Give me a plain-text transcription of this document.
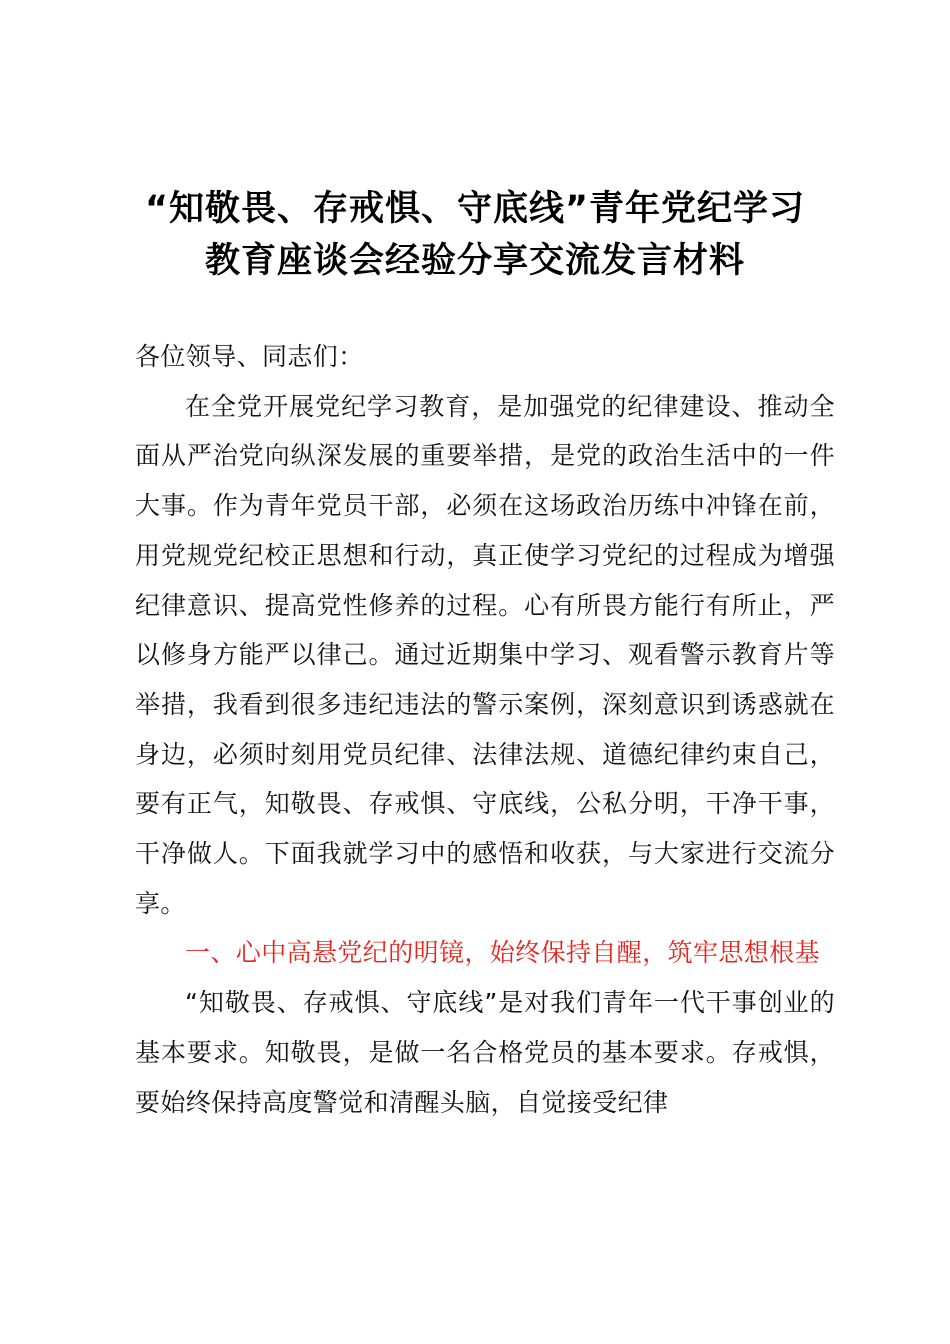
“知敬畏、存戒惧、守底线”青年党纪学习
教育座谈会经验分享交流发言材料

各位领导、同志们：

在全党开展党纪学习教育，是加强党的纪律建设、推动全面从严治党向纵深发展的重要举措，是党的政治生活中的一件大事。作为青年党员干部，必须在这场政治历练中冲锋在前，用党规党纪校正思想和行动，真正使学习党纪的过程成为增强纪律意识、提高党性修养的过程。心有所畏方能行有所止，严以修身方能严以律己。通过近期集中学习、观看警示教育片等举措，我看到很多违纪违法的警示案例，深刻意识到诱惑就在身边，必须时刻用党员纪律、法律法规、道德纪律约束自己，要有正气，知敬畏、存戒惧、守底线，公私分明，干净干事，干净做人。下面我就学习中的感悟和收获，与大家进行交流分享。

一、心中高悬党纪的明镜，始终保持自醒，筑牢思想根基

“知敬畏、存戒惧、守底线”是对我们青年一代干事创业的基本要求。知敬畏，是做一名合格党员的基本要求。存戒惧，要始终保持高度警觉和清醒头脑，自觉接受纪律
